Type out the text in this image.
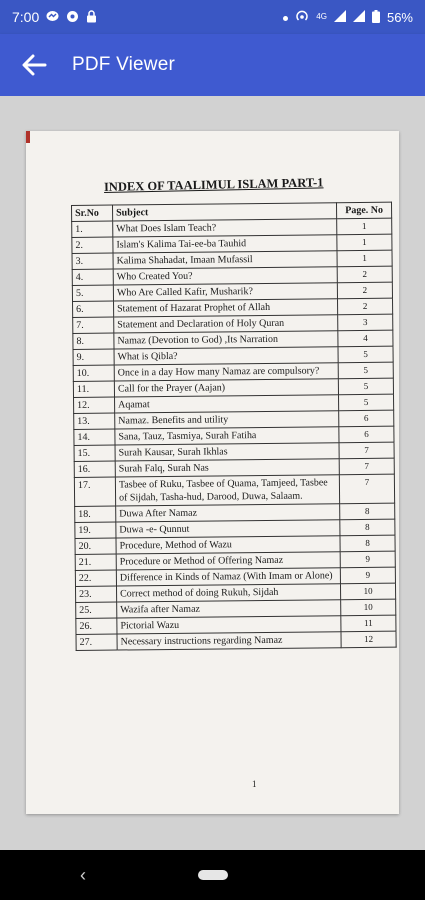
7:00	4G	56%
PDF Viewer
INDEX OF TAALIMUL ISLAM PART-1
Sr.No	Subject	Page. No
1.	What Does Islam Teach?	1
2.	Islam's Kalima Tai-ee-ba Tauhid	1
3.	Kalima Shahadat, Imaan Mufassil	1
4.	Who Created You?	2
5.	Who Are Called Kafir, Musharik?	2
6.	Statement of Hazarat Prophet of Allah	2
7.	Statement and Declaration of Holy Quran	3
8.	Namaz (Devotion to God) ,Its Narration	4
9.	What is Qibla?	5
10.	Once in a day How many Namaz are compulsory?	5
11.	Call for the Prayer (Aajan)	5
12.	Aqamat	5
13.	Namaz. Benefits and utility	6
14.	Sana, Tauz, Tasmiya, Surah Fatiha	6
15.	Surah Kausar, Surah Ikhlas	7
16.	Surah Falq, Surah Nas	7
17.	Tasbee of Ruku, Tasbee of Quama, Tamjeed, Tasbee of Sijdah, Tasha-hud, Darood, Duwa, Salaam.	7
18.	Duwa After Namaz	8
19.	Duwa -e- Qunnut	8
20.	Procedure, Method of Wazu	8
21.	Procedure or Method of Offering Namaz	9
22.	Difference in Kinds of Namaz (With Imam or Alone)	9
23.	Correct method of doing Rukuh, Sijdah	10
25.	Wazifa after Namaz	10
26.	Pictorial Wazu	11
27.	Necessary instructions regarding Namaz	12
1
‹
